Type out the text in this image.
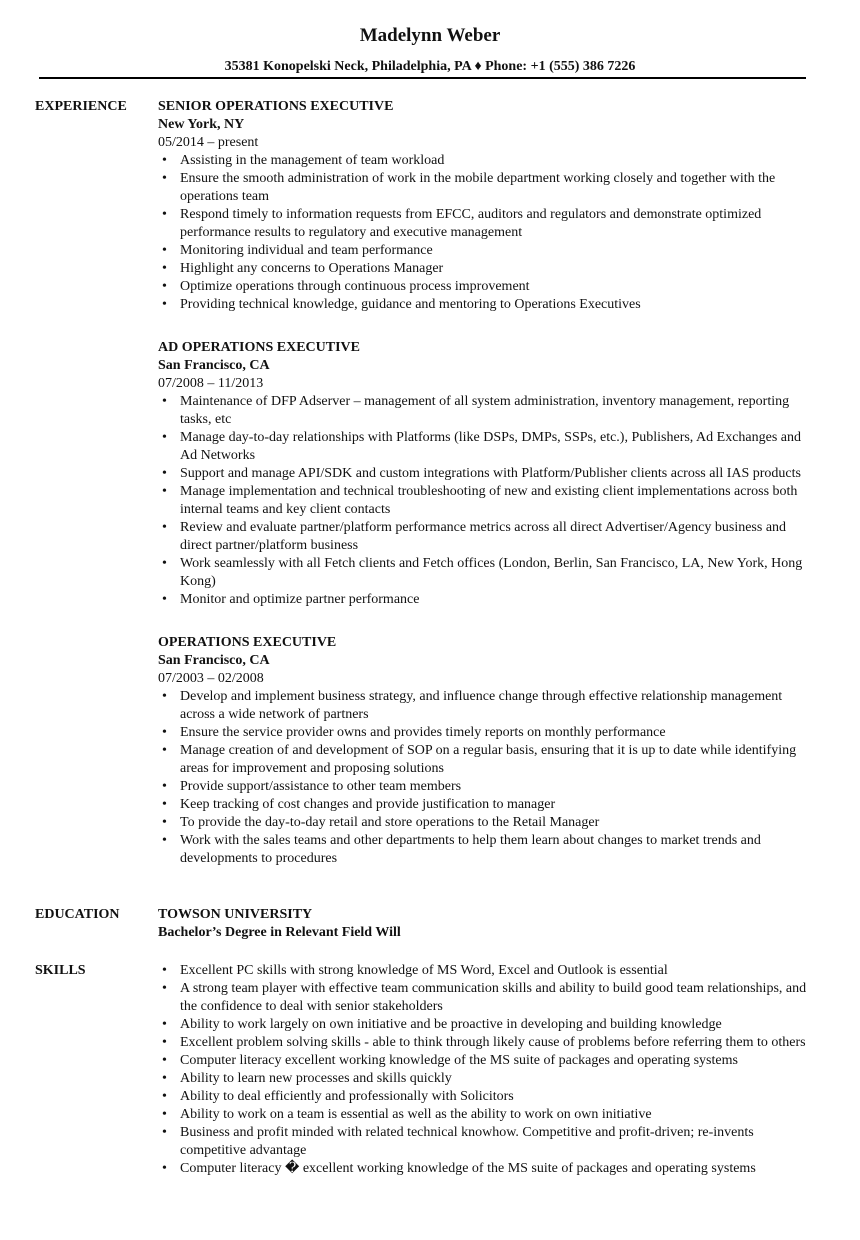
Madelynn Weber
35381 Konopelski Neck, Philadelphia, PA ♦ Phone: +1 (555) 386 7226
EXPERIENCE SENIOR OPERATIONS EXECUTIVE
New York, NY
05/2014 – present
• Assisting in the management of team workload
• Ensure the smooth administration of work in the mobile department working closely and together with the operations team
• Respond timely to information requests from EFCC, auditors and regulators and demonstrate optimized performance results to regulatory and executive management
• Monitoring individual and team performance
• Highlight any concerns to Operations Manager
• Optimize operations through continuous process improvement
• Providing technical knowledge, guidance and mentoring to Operations Executives
AD OPERATIONS EXECUTIVE
San Francisco, CA
07/2008 – 11/2013
• Maintenance of DFP Adserver – management of all system administration, inventory management, reporting tasks, etc
• Manage day-to-day relationships with Platforms (like DSPs, DMPs, SSPs, etc.), Publishers, Ad Exchanges and Ad Networks
• Support and manage API/SDK and custom integrations with Platform/Publisher clients across all IAS products
• Manage implementation and technical troubleshooting of new and existing client implementations across both internal teams and key client contacts
• Review and evaluate partner/platform performance metrics across all direct Advertiser/Agency business and direct partner/platform business
• Work seamlessly with all Fetch clients and Fetch offices (London, Berlin, San Francisco, LA, New York, Hong Kong)
• Monitor and optimize partner performance
OPERATIONS EXECUTIVE
San Francisco, CA
07/2003 – 02/2008
• Develop and implement business strategy, and influence change through effective relationship management across a wide network of partners
• Ensure the service provider owns and provides timely reports on monthly performance
• Manage creation of and development of SOP on a regular basis, ensuring that it is up to date while identifying areas for improvement and proposing solutions
• Provide support/assistance to other team members
• Keep tracking of cost changes and provide justification to manager
• To provide the day-to-day retail and store operations to the Retail Manager
• Work with the sales teams and other departments to help them learn about changes to market trends and developments to procedures
EDUCATION	TOWSON UNIVERSITY
Bachelor’s Degree in Relevant Field Will
SKILLS
•	Excellent PC skills with strong knowledge of MS Word, Excel and Outlook is essential
• A strong team player with effective team communication skills and ability to build good team relationships, and the confidence to deal with senior stakeholders
• Ability to work largely on own initiative and be proactive in developing and building knowledge
• Excellent problem solving skills - able to think through likely cause of problems before referring them to others
• Computer literacy excellent working knowledge of the MS suite of packages and operating systems
• Ability to learn new processes and skills quickly
• Ability to deal efficiently and professionally with Solicitors
• Ability to work on a team is essential as well as the ability to work on own initiative
• Business and profit minded with related technical knowhow. Competitive and profit-driven; re-invents competitive advantage
• Computer literacy � excellent working knowledge of the MS suite of packages and operating systems
